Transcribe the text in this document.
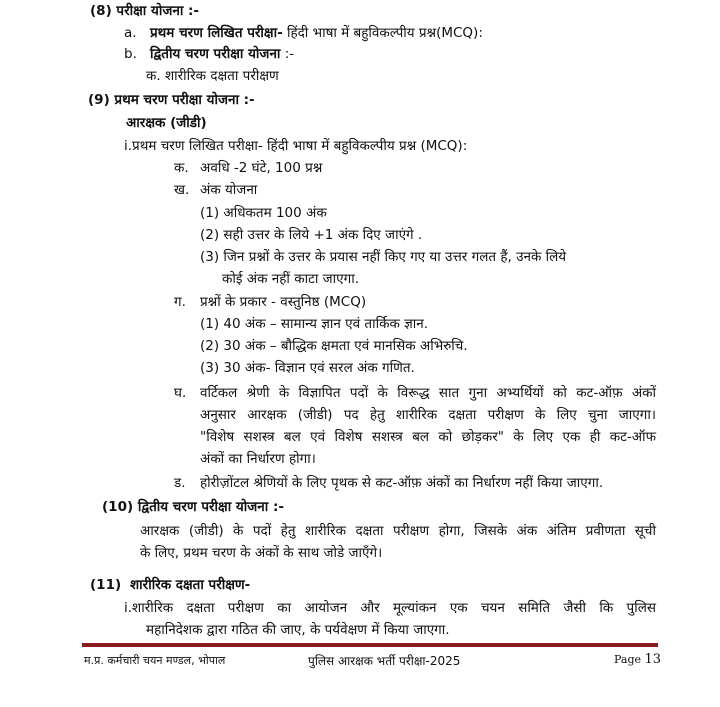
(8) परीक्षा योजना :-
a. प्रथम चरण लिखित परीक्षा- हिंदी भाषा में बहुविकल्पीय प्रश्न(MCQ):
b. द्वितीय चरण परीक्षा योजना :-
क. शारीरिक दक्षता परीक्षण
(9) प्रथम चरण परीक्षा योजना :-
आरक्षक (जीडी)
i.प्रथम चरण लिखित परीक्षा- हिंदी भाषा में बहुविकल्पीय प्रश्न (MCQ):
क. अवधि -2 घंटे, 100 प्रश्न
ख. अंक योजना
(1) अधिकतम 100 अंक
(2) सही उत्तर के लिये +1 अंक दिए जाएंगे .
(3) जिन प्रश्नों के उत्तर के प्रयास नहीं किए गए या उत्तर गलत हैं, उनके लिये
कोई अंक नहीं काटा जाएगा.
ग. प्रश्नों के प्रकार - वस्तुनिष्ठ (MCQ)
(1) 40 अंक – सामान्य ज्ञान एवं तार्किक ज्ञान.
(2) 30 अंक – बौद्धिक क्षमता एवं मानसिक अभिरुचि.
(3) 30 अंक- विज्ञान एवं सरल अंक गणित.
घ.	वर्टिकल श्रेणी के विज्ञापित पदों के विरूद्ध सात गुना अभ्यर्थियों को कट-ऑफ़ अंकों
अनुसार आरक्षक (जीडी) पद हेतु शारीरिक दक्षता परीक्षण के लिए चुना जाएगा।
"विशेष सशस्त्र बल एवं विशेष सशस्त्र बल को छोड़कर" के लिए एक ही कट-ऑफ
अंकों का निर्धारण होगा।
ड. होरीज़ोंटल श्रेणियों के लिए पृथक से कट-ऑफ़ अंकों का निर्धारण नहीं किया जाएगा.
(10) द्वितीय चरण परीक्षा योजना :-
आरक्षक (जीडी) के पदों हेतु शारीरिक दक्षता परीक्षण होगा, जिसके अंक अंतिम प्रवीणता सूची
के लिए, प्रथम चरण के अंकों के साथ जोडे जाएँगे।
(11) शारीरिक दक्षता परीक्षण-
i.शारीरिक दक्षता परीक्षण का आयोजन और मूल्यांकन एक चयन समिति जैसी कि पुलिस
महानिदेशक द्वारा गठित की जाए, के पर्यवेक्षण में किया जाएगा.
म.प्र. कर्मचारी चयन मण्डल, भोपाल	पुलिस आरक्षक भर्ती परीक्षा-2025	Page 13
